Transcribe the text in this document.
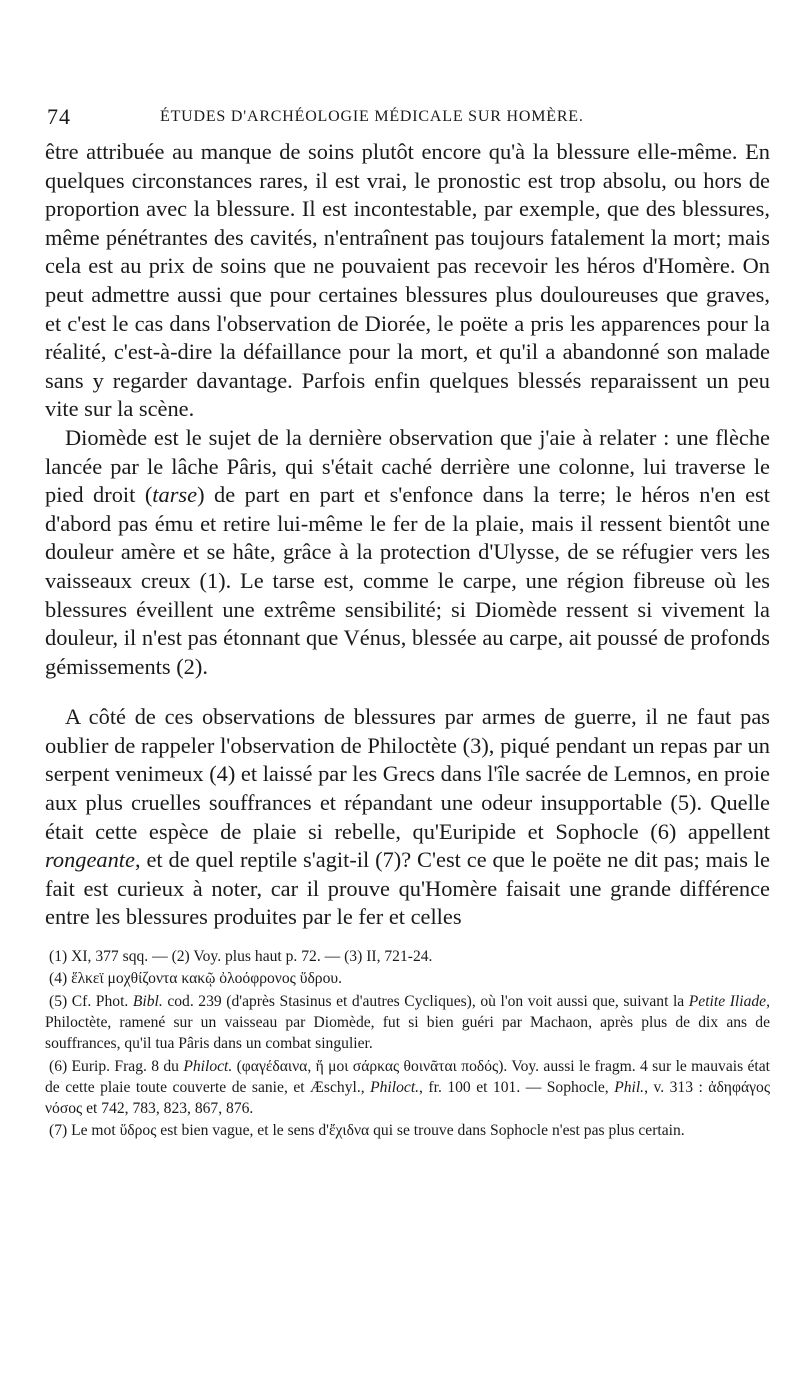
74	ÉTUDES D'ARCHÉOLOGIE MÉDICALE SUR HOMÈRE.

être attribuée au manque de soins plutôt encore qu'à la blessure elle-même. En quelques circonstances rares, il est vrai, le pronostic est trop absolu, ou hors de proportion avec la blessure. Il est incontestable, par exemple, que des blessures, même pénétrantes des cavités, n'entraînent pas toujours fatalement la mort; mais cela est au prix de soins que ne pouvaient pas recevoir les héros d'Homère. On peut admettre aussi que pour certaines blessures plus douloureuses que graves, et c'est le cas dans l'observation de Diorée, le poëte a pris les apparences pour la réalité, c'est-à-dire la défaillance pour la mort, et qu'il a abandonné son malade sans y regarder davantage. Parfois enfin quelques blessés reparaissent un peu vite sur la scène.

Diomède est le sujet de la dernière observation que j'aie à relater : une flèche lancée par le lâche Pâris, qui s'était caché derrière une colonne, lui traverse le pied droit (tarse) de part en part et s'enfonce dans la terre; le héros n'en est d'abord pas ému et retire lui-même le fer de la plaie, mais il ressent bientôt une douleur amère et se hâte, grâce à la protection d'Ulysse, de se réfugier vers les vaisseaux creux (1). Le tarse est, comme le carpe, une région fibreuse où les blessures éveillent une extrême sensibilité; si Diomède ressent si vivement la douleur, il n'est pas étonnant que Vénus, blessée au carpe, ait poussé de profonds gémissements (2).

A côté de ces observations de blessures par armes de guerre, il ne faut pas oublier de rappeler l'observation de Philoctète (3), piqué pendant un repas par un serpent venimeux (4) et laissé par les Grecs dans l'île sacrée de Lemnos, en proie aux plus cruelles souffrances et répandant une odeur insupportable (5). Quelle était cette espèce de plaie si rebelle, qu'Euripide et Sophocle (6) appellent rongeante, et de quel reptile s'agit-il (7)? C'est ce que le poëte ne dit pas; mais le fait est curieux à noter, car il prouve qu'Homère faisait une grande différence entre les blessures produites par le fer et celles

(1) XI, 377 sqq. — (2) Voy. plus haut p. 72. — (3) II, 721-24.

(4) ἕλκεϊ μοχθίζοντα κακῷ ὀλοόφρονος ὕδρου.

(5) Cf. Phot. Bibl. cod. 239 (d'après Stasinus et d'autres Cycliques), où l'on voit aussi que, suivant la Petite Iliade, Philoctète, ramené sur un vaisseau par Diomède, fut si bien guéri par Machaon, après plus de dix ans de souffrances, qu'il tua Pâris dans un combat singulier.

(6) Eurip. Frag. 8 du Philoct. (φαγέδαινα, ἥ μοι σάρκας θοινᾶται ποδός). Voy. aussi le fragm. 4 sur le mauvais état de cette plaie toute couverte de sanie, et Æschyl., Philoct., fr. 100 et 101. — Sophocle, Phil., v. 313 : ἀδηφάγος νόσος et 742, 783, 823, 867, 876.

(7) Le mot ὕδρος est bien vague, et le sens d'ἔχιδνα qui se trouve dans Sophocle n'est pas plus certain.
